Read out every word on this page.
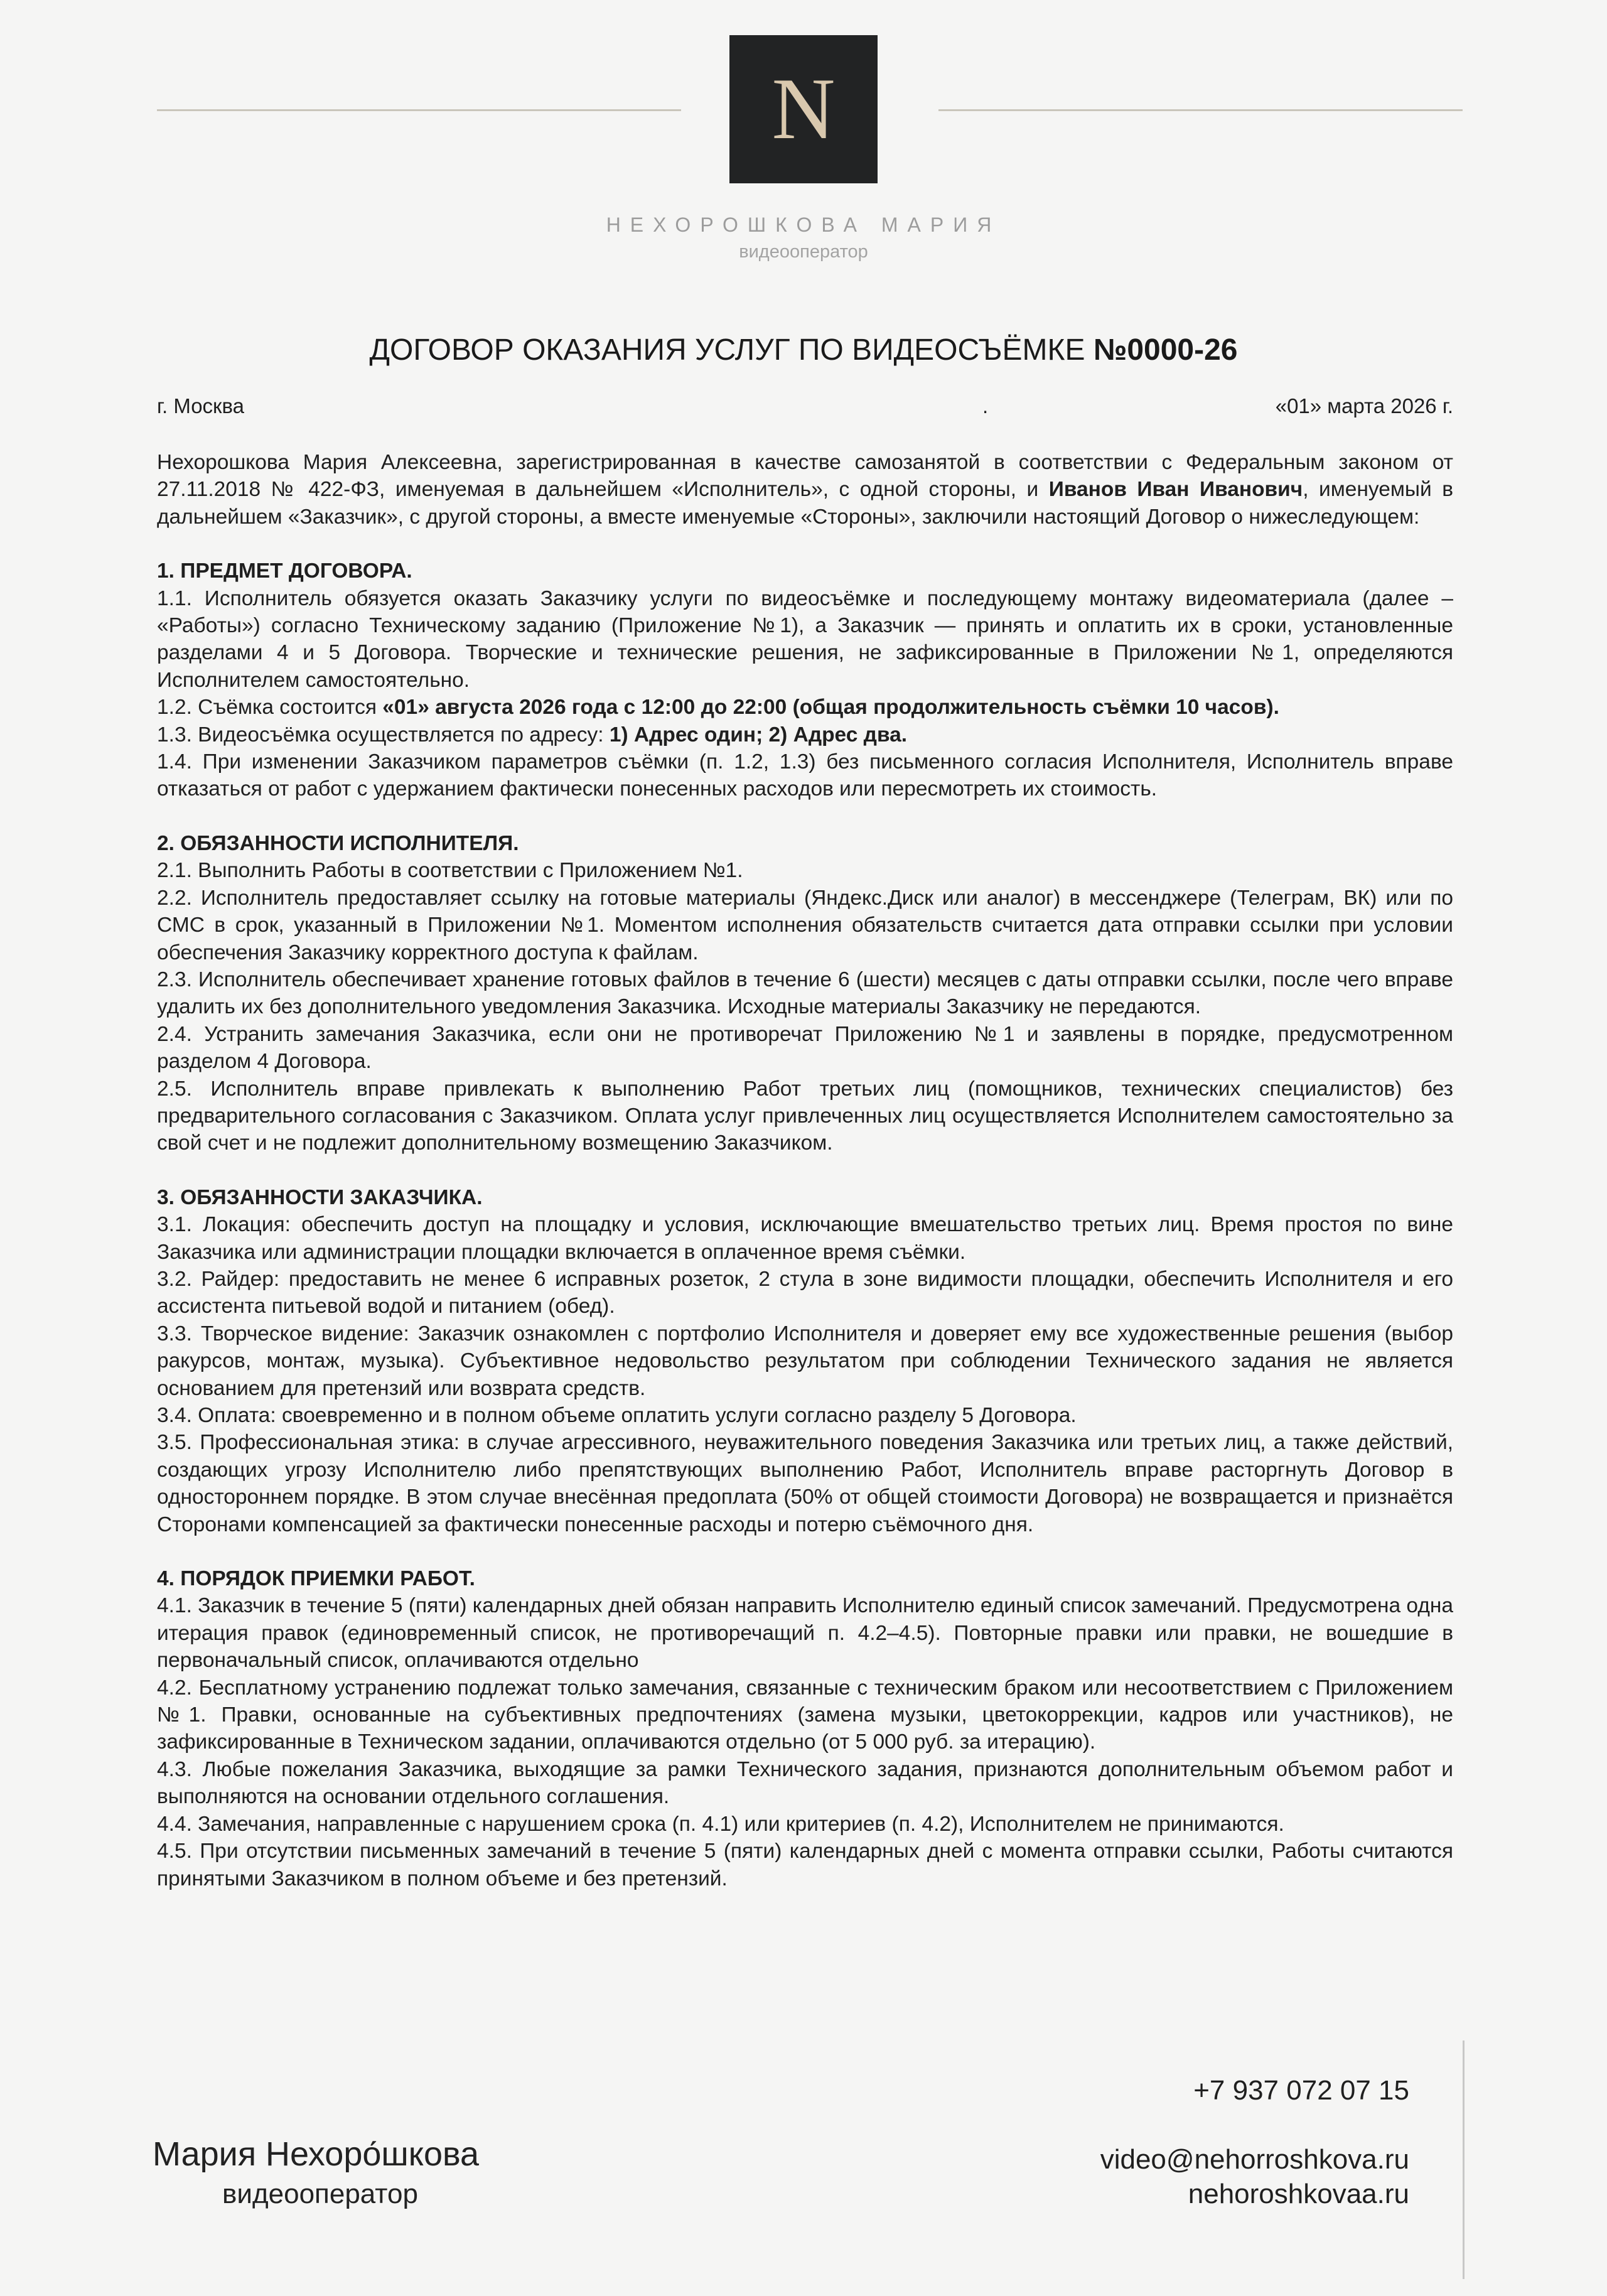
N
НЕХОРОШКОВА МАРИЯ
видеооператор
ДОГОВОР ОКАЗАНИЯ УСЛУГ ПО ВИДЕОСЪЁМКЕ №0000-26
г. Москва	.	«01» марта 2026 г.

Нехорошкова Мария Алексеевна, зарегистрированная в качестве самозанятой в соответствии с Федеральным законом от 27.11.2018 № 422-ФЗ, именуемая в дальнейшем «Исполнитель», с одной стороны, и Иванов Иван Иванович, именуемый в дальнейшем «Заказчик», с другой стороны, а вместе именуемые «Стороны», заключили настоящий Договор о нижеследующем:

1. ПРЕДМЕТ ДОГОВОРА.

1.1. Исполнитель обязуется оказать Заказчику услуги по видеосъёмке и последующему монтажу видеоматериала (далее – «Работы») согласно Техническому заданию (Приложение №1), а Заказчик — принять и оплатить их в сроки, установленные разделами 4 и 5 Договора. Творческие и технические решения, не зафиксированные в Приложении №1, определяются Исполнителем самостоятельно.

1.2. Съёмка состоится «01» августа 2026 года с 12:00 до 22:00 (общая продолжительность съёмки 10 часов).

1.3. Видеосъёмка осуществляется по адресу: 1) Адрес один; 2) Адрес два.

1.4. При изменении Заказчиком параметров съёмки (п. 1.2, 1.3) без письменного согласия Исполнителя, Исполнитель вправе отказаться от работ с удержанием фактически понесенных расходов или пересмотреть их стоимость.

2. ОБЯЗАННОСТИ ИСПОЛНИТЕЛЯ.

2.1. Выполнить Работы в соответствии с Приложением №1.

2.2. Исполнитель предоставляет ссылку на готовые материалы (Яндекс.Диск или аналог) в мессенджере (Телеграм, ВК) или по СМС в срок, указанный в Приложении №1. Моментом исполнения обязательств считается дата отправки ссылки при условии обеспечения Заказчику корректного доступа к файлам.

2.3. Исполнитель обеспечивает хранение готовых файлов в течение 6 (шести) месяцев с даты отправки ссылки, после чего вправе удалить их без дополнительного уведомления Заказчика. Исходные материалы Заказчику не передаются.

2.4. Устранить замечания Заказчика, если они не противоречат Приложению №1 и заявлены в порядке, предусмотренном разделом 4 Договора.

2.5. Исполнитель вправе привлекать к выполнению Работ третьих лиц (помощников, технических специалистов) без предварительного согласования с Заказчиком. Оплата услуг привлеченных лиц осуществляется Исполнителем самостоятельно за свой счет и не подлежит дополнительному возмещению Заказчиком.

3. ОБЯЗАННОСТИ ЗАКАЗЧИКА.

3.1. Локация: обеспечить доступ на площадку и условия, исключающие вмешательство третьих лиц. Время простоя по вине Заказчика или администрации площадки включается в оплаченное время съёмки.

3.2. Райдер: предоставить не менее 6 исправных розеток, 2 стула в зоне видимости площадки, обеспечить Исполнителя и его ассистента питьевой водой и питанием (обед).

3.3. Творческое видение: Заказчик ознакомлен с портфолио Исполнителя и доверяет ему все художественные решения (выбор ракурсов, монтаж, музыка). Субъективное недовольство результатом при соблюдении Технического задания не является основанием для претензий или возврата средств.

3.4. Оплата: своевременно и в полном объеме оплатить услуги согласно разделу 5 Договора.

3.5. Профессиональная этика: в случае агрессивного, неуважительного поведения Заказчика или третьих лиц, а также действий, создающих угрозу Исполнителю либо препятствующих выполнению Работ, Исполнитель вправе расторгнуть Договор в одностороннем порядке. В этом случае внесённая предоплата (50% от общей стоимости Договора) не возвращается и признаётся Сторонами компенсацией за фактически понесенные расходы и потерю съёмочного дня.

4. ПОРЯДОК ПРИЕМКИ РАБОТ.

4.1. Заказчик в течение 5 (пяти) календарных дней обязан направить Исполнителю единый список замечаний. Предусмотрена одна итерация правок (единовременный список, не противоречащий п. 4.2–4.5). Повторные правки или правки, не вошедшие в первоначальный список, оплачиваются отдельно

4.2. Бесплатному устранению подлежат только замечания, связанные с техническим браком или несоответствием с Приложением №1. Правки, основанные на субъективных предпочтениях (замена музыки, цветокоррекции, кадров или участников), не зафиксированные в Техническом задании, оплачиваются отдельно (от 5 000 руб. за итерацию).

4.3. Любые пожелания Заказчика, выходящие за рамки Технического задания, признаются дополнительным объемом работ и выполняются на основании отдельного соглашения.

4.4. Замечания, направленные с нарушением срока (п. 4.1) или критериев (п. 4.2), Исполнителем не принимаются.

4.5. При отсутствии письменных замечаний в течение 5 (пяти) календарных дней с момента отправки ссылки, Работы считаются принятыми Заказчиком в полном объеме и без претензий.

+7 937 072 07 15
video@nehorroshkova.ru
nehoroshkovaa.ru
Мария Нехоро́шкова
видеооператор
